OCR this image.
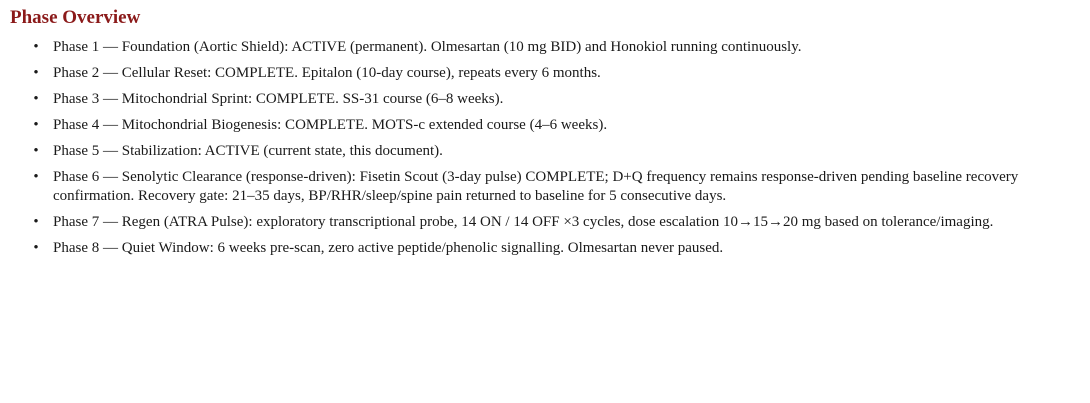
Phase Overview
• Phase 1 — Foundation (Aortic Shield): ACTIVE (permanent). Olmesartan (10 mg BID) and Honokiol running continuously.
• Phase 2 — Cellular Reset: COMPLETE. Epitalon (10-day course), repeats every 6 months.
• Phase 3 — Mitochondrial Sprint: COMPLETE. SS-31 course (6–8 weeks).
• Phase 4 — Mitochondrial Biogenesis: COMPLETE. MOTS-c extended course (4–6 weeks).
• Phase 5 — Stabilization: ACTIVE (current state, this document).
• Phase 6 — Senolytic Clearance (response-driven): Fisetin Scout (3-day pulse) COMPLETE; D+Q frequency remains response-driven pending baseline recovery confirmation. Recovery gate: 21–35 days, BP/RHR/sleep/spine pain returned to baseline for 5 consecutive days.
• Phase 7 — Regen (ATRA Pulse): exploratory transcriptional probe, 14 ON / 14 OFF ×3 cycles, dose escalation 10→15→20 mg based on tolerance/imaging.
• Phase 8 — Quiet Window: 6 weeks pre-scan, zero active peptide/phenolic signalling. Olmesartan never paused.
